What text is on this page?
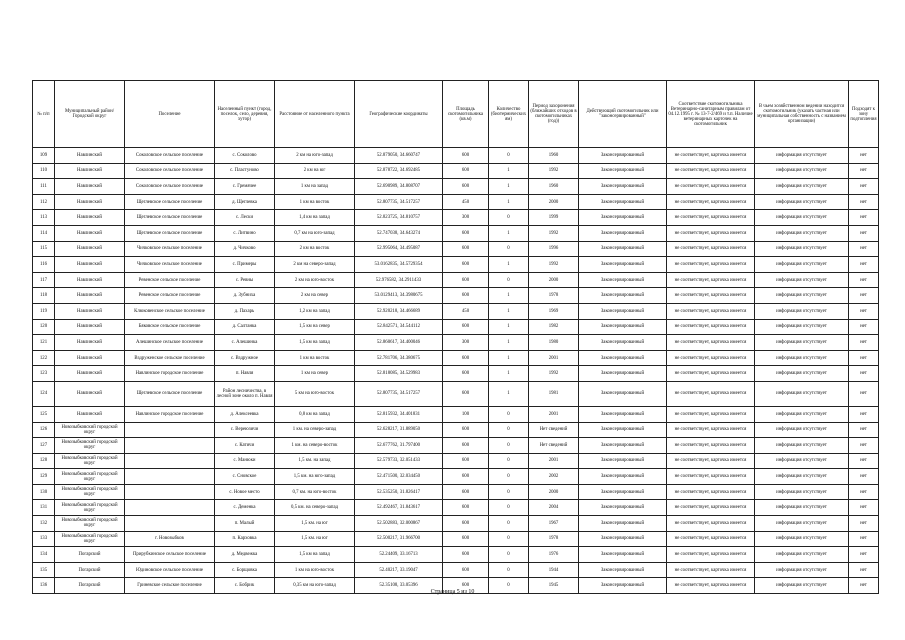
№ п/п	Муниципальный район/Городской округ	Поселение	Населенный пункт (город, поселок, село, деревня, хутор)	Расстояние от населенного пункта	Географические координаты	Площадь скотомогильника (кв.м)	Количество (биотермических ям)	Период захоронения (ближайших отходов в скотомогильниках (год))	Действующий скотомогильник или "законсервированный"	Соответствие скотомогильника Ветеринарно-санитарным правилам от 04.12.1995 г. № 13-7-2/469 и т.п. Наличие ветеринарных карточек на скотомогильник	В чьем хозяйственном ведении находится скотомогильник (указать частная или муниципальная собственность с названием организации)	Подходят к зону подтопления
109	Навлинский	Соколовское сельское поселение	с. Соколово	2 км на юго-запад	52.879050, 34.660747	600	0	1960	Законсервированный	не соответствует, карточка имеется	информация отсутствует	нет
110	Навлинский	Соколовское сельское поселение	с. Пластуново	2 км на юг	52.878722, 34.692485	600	1	1992	Законсервированный	не соответствует, карточка имеется	информация отсутствует	нет
111	Навлинский	Соколовское сельское поселение	с. Гремячее	1 км на запад	52.690989, 34.808707	600	1	1960	Законсервированный	не соответствует, карточка имеется	информация отсутствует	нет
112	Навлинский	Щеглевское сельское поселение	д. Щеглевка	1 км на восток	52.807735, 34.517257	450	1	2000	Законсервированный	не соответствует, карточка имеется	информация отсутствует	нет
113	Навлинский	Щеглевское сельское поселение	с. Лески	1,4 км на запад	52.823725, 34.810757	300	0	1999	Законсервированный	не соответствует, карточка имеется	информация отсутствует	нет
114	Навлинский	Щеглевское сельское поселение	с. Литвино	0,7 км на юго-запад	52.747038, 34.643274	600	1	1992	Законсервированный	не соответствует, карточка имеется	информация отсутствует	нет
115	Навлинский	Чичковское сельское поселение	д. Чичково	2 км на восток	52.995064, 34.495087	600	0	1996	Законсервированный	не соответствует, карточка имеется	информация отсутствует	нет
116	Навлинский	Чичковское сельское поселение	с. Примеры	2 км на северо-запад	53.0162835, 34.5729354	600	1	1992	Законсервированный	не соответствует, карточка имеется	информация отсутствует	нет
117	Навлинский	Ревенское сельское поселение	с. Ревны	2 км на юго-восток	52.976582, 34.2911433	600	0	2000	Законсервированный	не соответствует, карточка имеется	информация отсутствует	нет
118	Навлинский	Ревенское сельское поселение	д. Зубниха	2 км на север	53.0129413, 34.3980675	600	1	1978	Законсервированный	не соответствует, карточка имеется	информация отсутствует	нет
119	Навлинский	Клюковенское сельское поселение	д. Пахарь	1,2 км на запад	52.920218, 34.466689	450	1	1969	Законсервированный	не соответствует, карточка имеется	информация отсутствует	нет
120	Навлинский	Бяковское сельское поселение	д. Салтанка	1,5 км на север	52.842571, 34.544112	600	1	1982	Законсервированный	не соответствует, карточка имеется	информация отсутствует	нет
121	Навлинский	Алешинское сельское поселение	с. Алешинка	1,5 км на запад	52.860617, 34.400046	300	1	1980	Законсервированный	не соответствует, карточка имеется	информация отсутствует	нет
122	Навлинский	Вздруженское сельское поселение	с. Вздружное	1 км на восток	52.781706, 34.380675	600	1	2001	Законсервированный	не соответствует, карточка имеется	информация отсутствует	нет
123	Навлинский	Навлинское городское поселение	п. Навля	1 км на север	52.818085, 34.529983	600	1	1992	Законсервированный	не соответствует, карточка имеется	информация отсутствует	нет
124	Навлинский	Щеглевское сельское поселение	Район лесничества, в лесной зоне около п. Навля	5 км на юго-восток	52.807735, 34.517257	600	1	1981	Законсервированный	не соответствует, карточка имеется	информация отсутствует	нет
125	Навлинский	Навлинское городское поселение	д. Алексеевка	0,8 км на запад	52.815932, 34.401831	100	0	2001	Законсервированный	не соответствует, карточка имеется	информация отсутствует	нет
126	Новозыбковский городской округ		с. Вереюзичи	1 км. на северо-запад	52.628217, 31.889050	600	0	Нет сведений	Законсервированный	не соответствует, карточка имеется	информация отсутствует	нет
127	Новозыбковский городской округ		с. Катичи	1 км. на северо-восток	52.677762, 31.797400	600	0	Нет сведений	Законсервированный	не соответствует, карточка имеется	информация отсутствует	нет
128	Новозыбковский городской округ		с. Манюки	1,5 км. на запад	52.579733, 32.051433	600	0	2001	Законсервированный	не соответствует, карточка имеется	информация отсутствует	нет
129	Новозыбковский городской округ		с. Сновское	1,5 км. на юго-запад	52.471500, 32.034450	600	0	2002	Законсервированный	не соответствует, карточка имеется	информация отсутствует	нет
130	Новозыбковский городской округ		с. Новое место	0,7 км. на юго-восток	52.535250, 31.826417	600	0	2000	Законсервированный	не соответствует, карточка имеется	информация отсутствует	нет
131	Новозыбковский городской округ		с. Деменка	0,5 км. на северо-запад	52.492467, 31.843617	600	0	2004	Законсервированный	не соответствует, карточка имеется	информация отсутствует	нет
132	Новозыбковский городской округ		п. Малый	1,5 км. на юг	52.502883, 32.000867	600	0	1967	Законсервированный	не соответствует, карточка имеется	информация отсутствует	нет
133	Новозыбковский городской округ	г. Новозыбков	п. Карховка	1,5 км. на юг	52.500217, 31.966700	600	0	1978	Законсервированный	не соответствует, карточка имеется	информация отсутствует	нет
134	Погарский	Прирубкинское сельское поселение	д. Медвежка	1,5 км на запад	52.24409, 33.16713	600	0	1976	Законсервированный	не соответствует, карточка имеется	информация отсутствует	нет
135	Погарский	Юдиновское сельское поселение	с. Борщовка	1 км на юго-восток	52.40217, 33.19047	600	0	1944	Законсервированный	не соответствует, карточка имеется	информация отсутствует	нет
136	Погарский	Гриневское сельское поселение	с. Бобрик	0,35 км на юго-запад	52.35108, 33.05396	600	0	1945	Законсервированный	не соответствует, карточка имеется	информация отсутствует	нет
Страница 5 из 10
